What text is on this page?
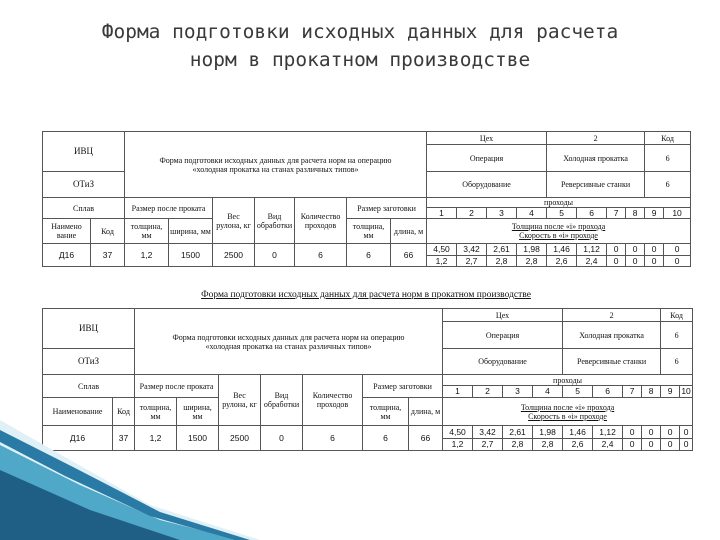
Форма подготовки исходных данных для расчета
норм в прокатном производстве
ИВЦ		Форма подготовки исходных данных для расчета норм на операцию
«холодная прокатка на станах различных типов»							Цех				2				Код	
									Операция				Холодная прокатка				6	
ОТиЗ									Оборудование				Реверсивные станки				6	

Сплав		Размер после проката		Вес рулона, кг	Вид обработки	Количество проходов	Размер заготовки		проходы									
									1	2	3	4	5	6	7	8	9	10
Наимено вание	Код	толщина, мм	ширина, мм				толщина, мм	длина, м	Толщина после «i» прохода
Скорость в «i» проходе									

Д16	37	1,2	1500	2500	0	6	6	66	4,50	3,42	2,61	1,98	1,46	1,12	0	0	0	0
									1,2	2,7	2,8	2,8	2,6	2,4	0	0	0	0
Форма подготовки исходных данных для расчета норм в прокатном производстве
ИВЦ		Форма подготовки исходных данных для расчета норм на операцию
«холодная прокатка на станах различных типов»							Цех				2				Код	
									Операция				Холодная прокатка				6	
ОТиЗ									Оборудование				Реверсивные станки				6	

Сплав		Размер после проката		Вес рулона, кг	Вид обработки	Количество проходов	Размер заготовки		проходы									
									1	2	3	4	5	6	7	8	9	10
Наименование	Код	толщина, мм	ширина, мм				толщина, мм	длина, м	Толщина после «i» прохода
Скорость в «i» проходе									

Д16	37	1,2	1500	2500	0	6	6	66	4,50	3,42	2,61	1,98	1,46	1,12	0	0	0	0
									1,2	2,7	2,8	2,8	2,6	2,4	0	0	0	0
